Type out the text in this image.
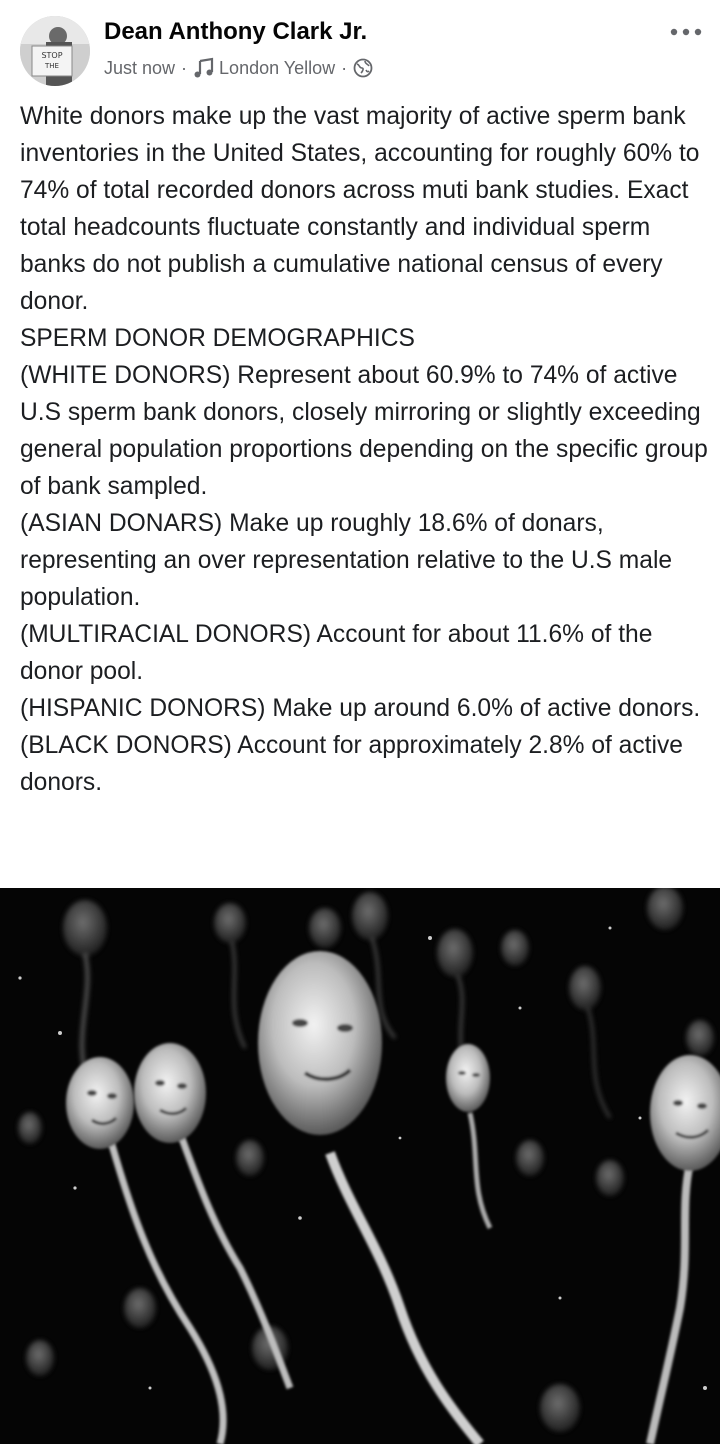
STOP
THE
Dean Anthony Clark Jr.
Just now · London Yellow ·

White donors make up the vast majority of active sperm bank inventories in the United States, accounting for roughly 60% to 74% of total recorded donors across muti bank studies. Exact total headcounts fluctuate constantly and individual sperm banks do not publish a cumulative national census of every donor.

SPERM DONOR DEMOGRAPHICS

(WHITE DONORS) Represent about 60.9% to 74% of active U.S sperm bank donors, closely mirroring or slightly exceeding general population proportions depending on the specific group of bank sampled.

(ASIAN DONARS) Make up roughly 18.6% of donars, representing an over representation relative to the U.S male population.

(MULTIRACIAL DONORS) Account for about 11.6% of the  donor pool.

(HISPANIC DONORS) Make up around 6.0% of active donors.

(BLACK DONORS) Account for approximately 2.8% of active donors.
